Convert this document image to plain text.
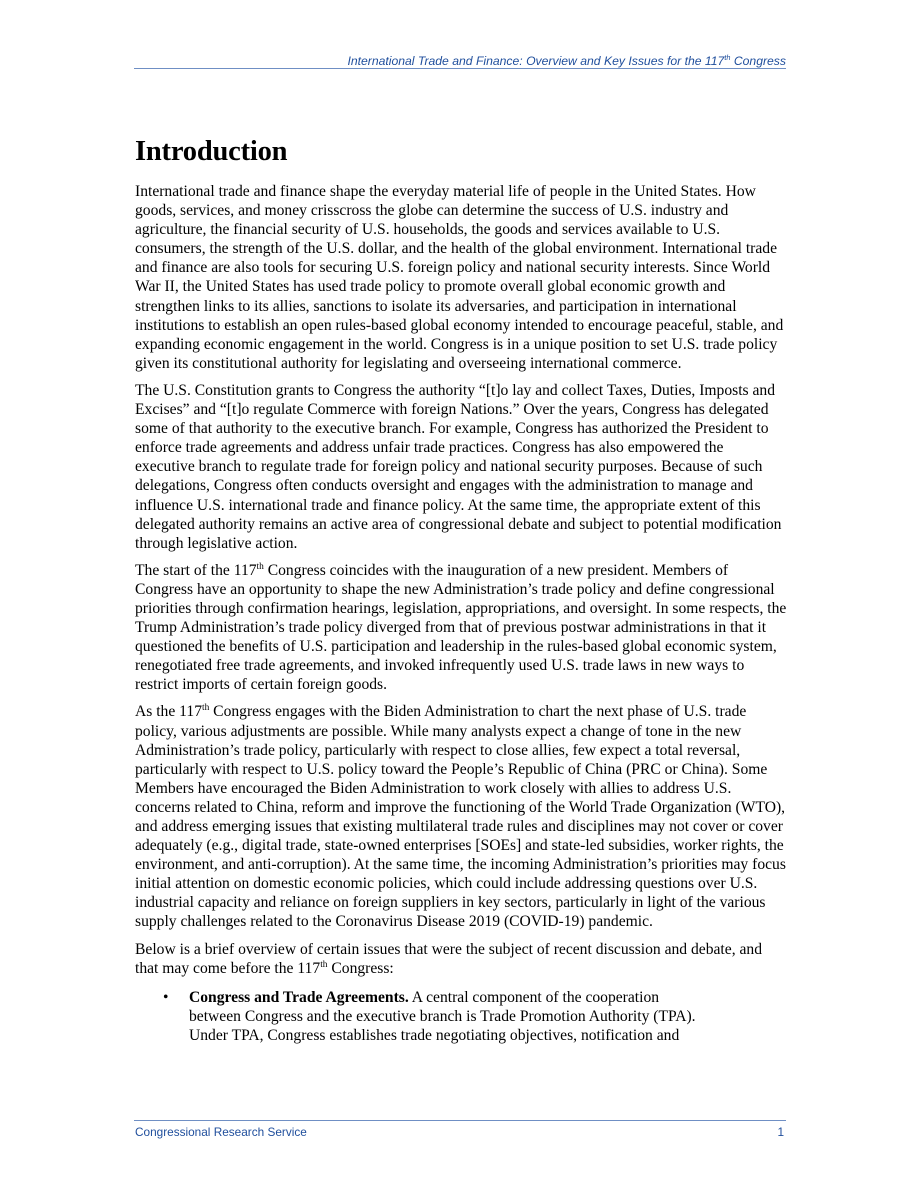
International Trade and Finance: Overview and Key Issues for the 117th Congress
Introduction

International trade and finance shape the everyday material life of people in the United States. How goods, services, and money crisscross the globe can determine the success of U.S. industry and agriculture, the financial security of U.S. households, the goods and services available to U.S. consumers, the strength of the U.S. dollar, and the health of the global environment. International trade and finance are also tools for securing U.S. foreign policy and national security interests. Since World War II, the United States has used trade policy to promote overall global economic growth and strengthen links to its allies, sanctions to isolate its adversaries, and participation in international institutions to establish an open rules-based global economy intended to encourage peaceful, stable, and expanding economic engagement in the world. Congress is in a unique position to set U.S. trade policy given its constitutional authority for legislating and overseeing international commerce.

The U.S. Constitution grants to Congress the authority “[t]o lay and collect Taxes, Duties, Imposts and Excises” and “[t]o regulate Commerce with foreign Nations.” Over the years, Congress has delegated some of that authority to the executive branch. For example, Congress has authorized the President to enforce trade agreements and address unfair trade practices. Congress has also empowered the executive branch to regulate trade for foreign policy and national security purposes. Because of such delegations, Congress often conducts oversight and engages with the administration to manage and influence U.S. international trade and finance policy. At the same time, the appropriate extent of this delegated authority remains an active area of congressional debate and subject to potential modification through legislative action.

The start of the 117th Congress coincides with the inauguration of a new president. Members of Congress have an opportunity to shape the new Administration’s trade policy and define congressional priorities through confirmation hearings, legislation, appropriations, and oversight. In some respects, the Trump Administration’s trade policy diverged from that of previous postwar administrations in that it questioned the benefits of U.S. participation and leadership in the rules-based global economic system, renegotiated free trade agreements, and invoked infrequently used U.S. trade laws in new ways to restrict imports of certain foreign goods.

As the 117th Congress engages with the Biden Administration to chart the next phase of U.S. trade policy, various adjustments are possible. While many analysts expect a change of tone in the new Administration’s trade policy, particularly with respect to close allies, few expect a total reversal, particularly with respect to U.S. policy toward the People’s Republic of China (PRC or China). Some Members have encouraged the Biden Administration to work closely with allies to address U.S. concerns related to China, reform and improve the functioning of the World Trade Organization (WTO), and address emerging issues that existing multilateral trade rules and disciplines may not cover or cover adequately (e.g., digital trade, state-owned enterprises [SOEs] and state-led subsidies, worker rights, the environment, and anti-corruption). At the same time, the incoming Administration’s priorities may focus initial attention on domestic economic policies, which could include addressing questions over U.S. industrial capacity and reliance on foreign suppliers in key sectors, particularly in light of the various supply challenges related to the Coronavirus Disease 2019 (COVID-19) pandemic.

Below is a brief overview of certain issues that were the subject of recent discussion and debate, and that may come before the 117th Congress:

• Congress and Trade Agreements. A central component of the cooperation
between Congress and the executive branch is Trade Promotion Authority (TPA).
Under TPA, Congress establishes trade negotiating objectives, notification and
Congressional Research Service	1
